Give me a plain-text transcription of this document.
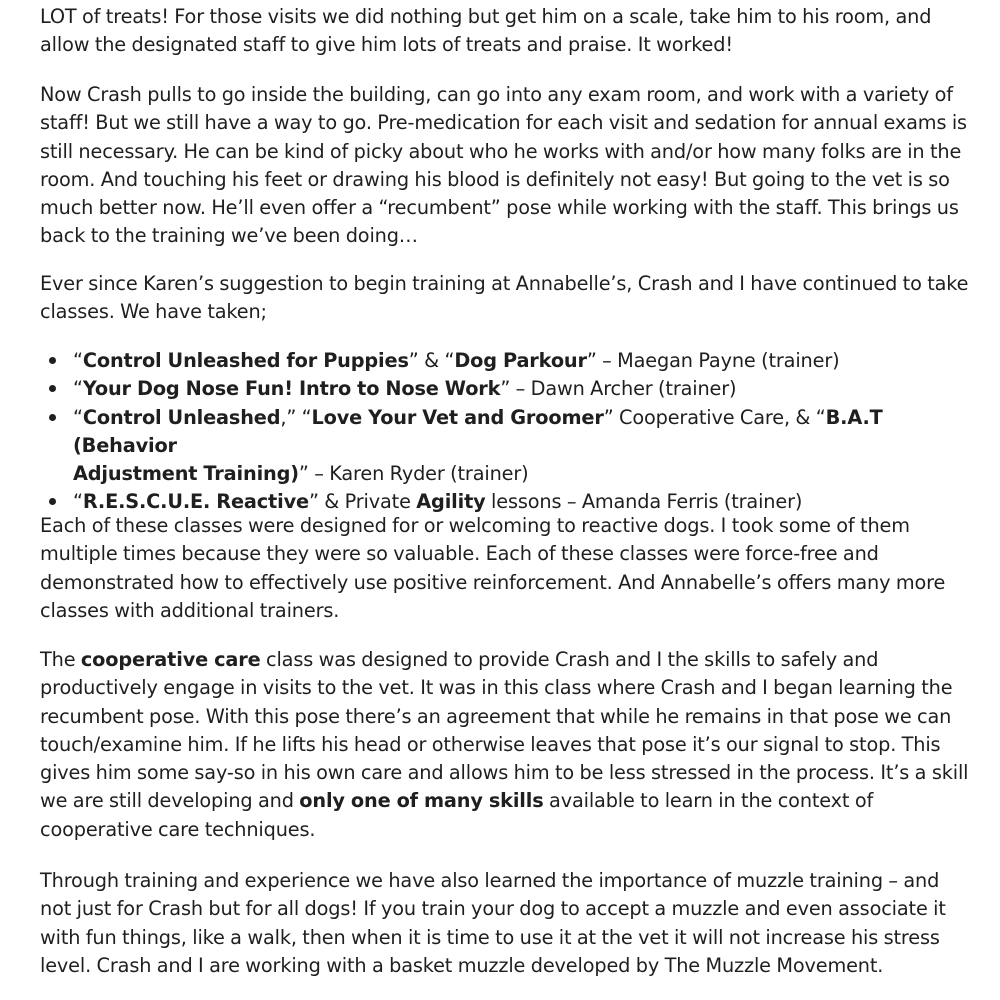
LOT of treats! For those visits we did nothing but get him on a scale, take him to his room, and
allow the designated staff to give him lots of treats and praise. It worked!

Now Crash pulls to go inside the building, can go into any exam room, and work with a variety of
staff! But we still have a way to go. Pre-medication for each visit and sedation for annual exams is
still necessary. He can be kind of picky about who he works with and/or how many folks are in the
room. And touching his feet or drawing his blood is definitely not easy! But going to the vet is so
much better now. He’ll even offer a “recumbent” pose while working with the staff. This brings us
back to the training we’ve been doing…

Ever since Karen’s suggestion to begin training at Annabelle’s, Crash and I have continued to take
classes. We have taken;

“Control Unleashed for Puppies” & “Dog Parkour” – Maegan Payne (trainer)
“Your Dog Nose Fun! Intro to Nose Work” – Dawn Archer (trainer)
“Control Unleashed,” “Love Your Vet and Groomer” Cooperative Care, & “B.A.T (Behavior
Adjustment Training)” – Karen Ryder (trainer)
“R.E.S.C.U.E. Reactive” & Private Agility lessons – Amanda Ferris (trainer)

Each of these classes were designed for or welcoming to reactive dogs. I took some of them
multiple times because they were so valuable. Each of these classes were force-free and
demonstrated how to effectively use positive reinforcement. And Annabelle’s offers many more
classes with additional trainers.

The cooperative care class was designed to provide Crash and I the skills to safely and
productively engage in visits to the vet. It was in this class where Crash and I began learning the
recumbent pose. With this pose there’s an agreement that while he remains in that pose we can
touch/examine him. If he lifts his head or otherwise leaves that pose it’s our signal to stop. This
gives him some say-so in his own care and allows him to be less stressed in the process. It’s a skill
we are still developing and only one of many skills available to learn in the context of
cooperative care techniques.

Through training and experience we have also learned the importance of muzzle training – and
not just for Crash but for all dogs! If you train your dog to accept a muzzle and even associate it
with fun things, like a walk, then when it is time to use it at the vet it will not increase his stress
level. Crash and I are working with a basket muzzle developed by The Muzzle Movement.
